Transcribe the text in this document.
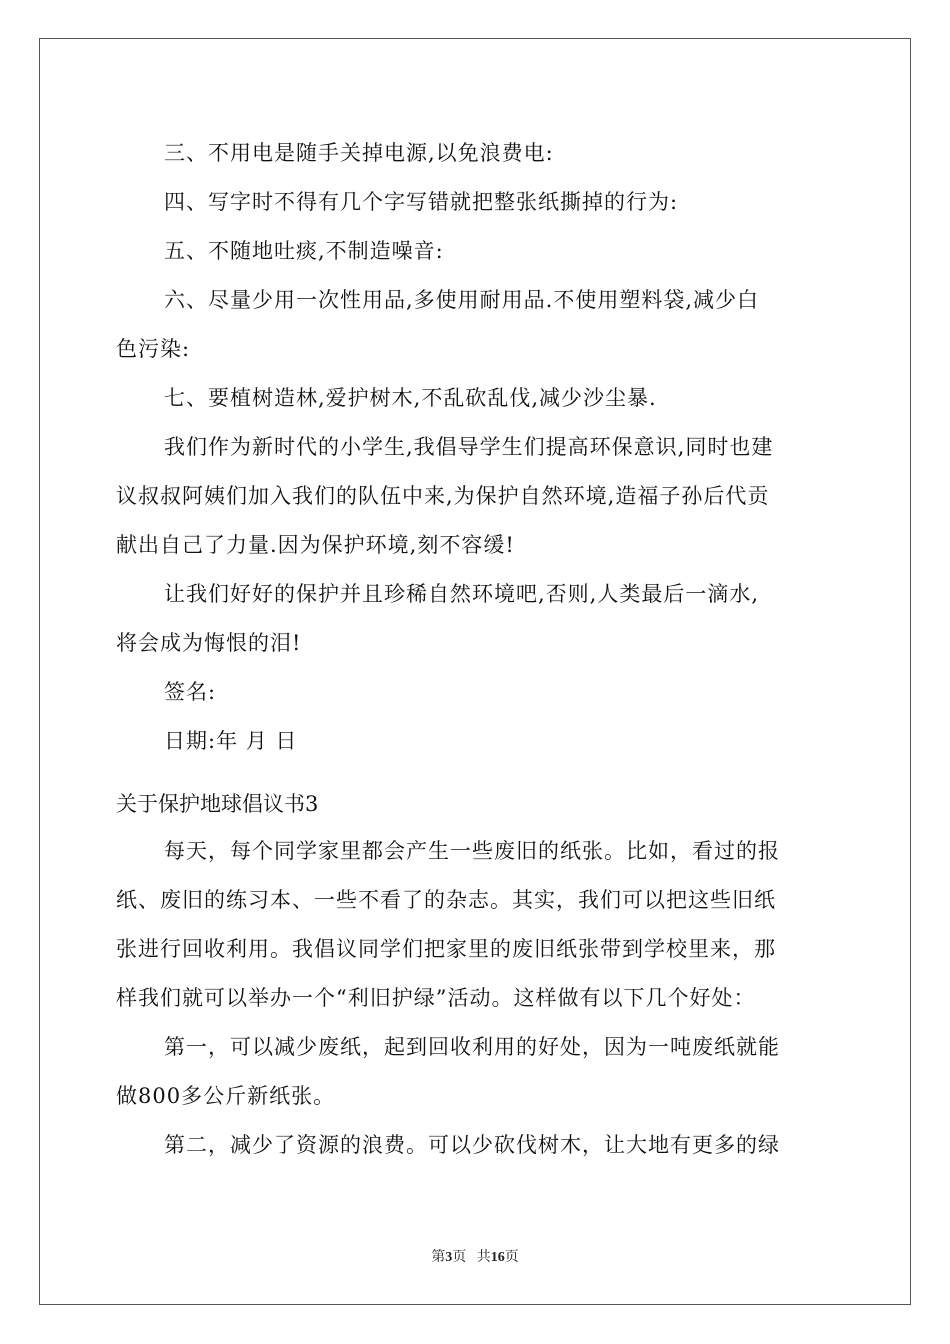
三、不用电是随手关掉电源,以免浪费电:
四、写字时不得有几个字写错就把整张纸撕掉的行为:
五、不随地吐痰,不制造噪音:
六、尽量少用一次性用品,多使用耐用品.不使用塑料袋,减少白
色污染:
七、要植树造林,爱护树木,不乱砍乱伐,减少沙尘暴.
我们作为新时代的小学生,我倡导学生们提高环保意识,同时也建
议叔叔阿姨们加入我们的队伍中来,为保护自然环境,造福子孙后代贡
献出自己了力量.因为保护环境,刻不容缓!
让我们好好的保护并且珍稀自然环境吧,否则,人类最后一滴水,
将会成为悔恨的泪!
签名:
日期:年 月 日
关于保护地球倡议书3
每天，每个同学家里都会产生一些废旧的纸张。比如，看过的报
纸、废旧的练习本、一些不看了的杂志。其实，我们可以把这些旧纸
张进行回收利用。我倡议同学们把家里的废旧纸张带到学校里来，那
样我们就可以举办一个“利旧护绿”活动。这样做有以下几个好处：
第一，可以减少废纸，起到回收利用的好处，因为一吨废纸就能
做800多公斤新纸张。
第二，减少了资源的浪费。可以少砍伐树木，让大地有更多的绿
第3页 共16页
